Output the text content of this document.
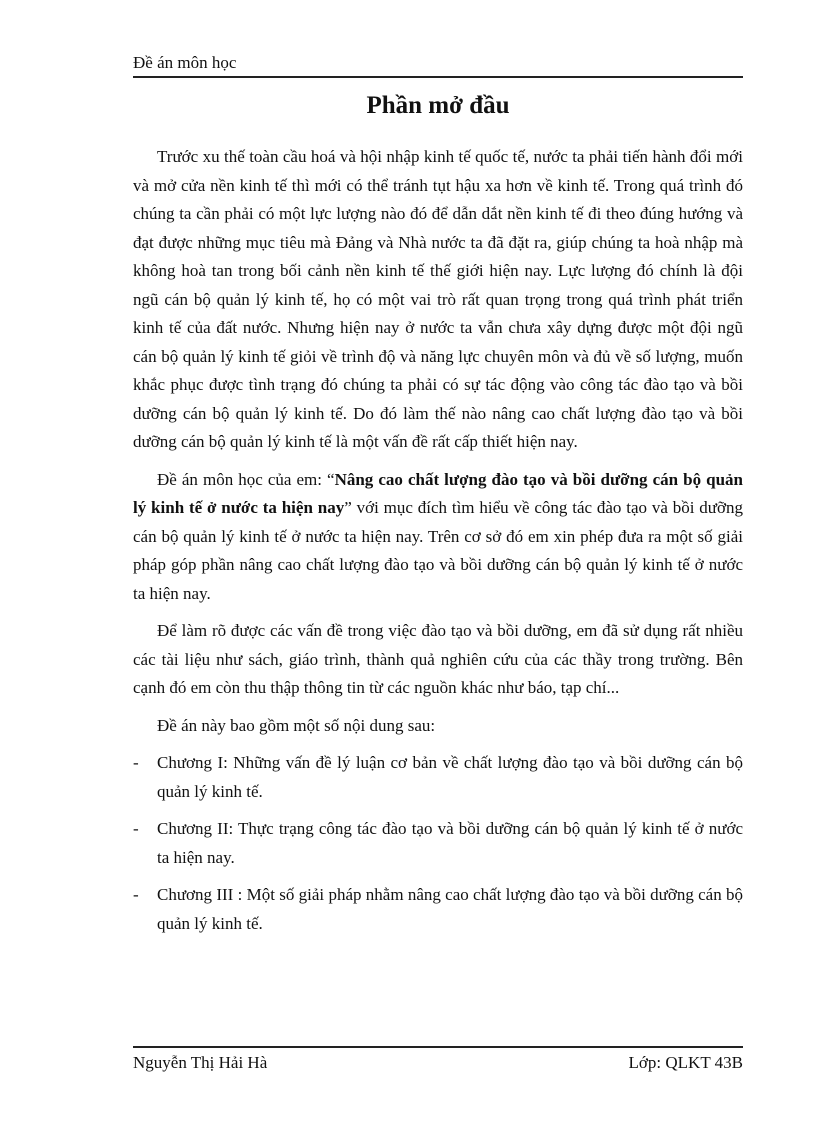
Đề án môn học
Phần mở đầu

Trước xu thế toàn cầu hoá và hội nhập kinh tế quốc tế, nước ta phải tiến hành đổi mới và mở cửa nền kinh tế thì mới có thể tránh tụt hậu xa hơn về kinh tế. Trong quá trình đó chúng ta cần phải có một lực lượng nào đó để dẫn dắt nền kinh tế đi theo đúng hướng và đạt được những mục tiêu mà Đảng và Nhà nước ta đã đặt ra, giúp chúng ta hoà nhập mà không hoà tan trong bối cảnh nền kinh tế thế giới hiện nay. Lực lượng đó chính là đội ngũ cán bộ quản lý kinh tế, họ có một vai trò rất quan trọng trong quá trình phát triển kinh tế của đất nước. Nhưng hiện nay ở nước ta vẫn chưa xây dựng được một đội ngũ cán bộ quản lý kinh tế giỏi về trình độ và năng lực chuyên môn và đủ về số lượng, muốn khắc phục được tình trạng đó chúng ta phải có sự tác động vào công tác đào tạo và bồi dưỡng cán bộ quản lý kinh tế. Do đó làm thế nào nâng cao chất lượng đào tạo và bồi dưỡng cán bộ quản lý kinh tế là một vấn đề rất cấp thiết hiện nay.

Đề án môn học của em: “Nâng cao chất lượng đào tạo và bồi dưỡng cán bộ quản lý kinh tế ở nước ta hiện nay” với mục đích tìm hiểu về công tác đào tạo và bồi dưỡng cán bộ quản lý kinh tế ở nước ta hiện nay. Trên cơ sở đó em xin phép đưa ra một số giải pháp góp phần nâng cao chất lượng đào tạo và bồi dưỡng cán bộ quản lý kinh tế ở nước ta hiện nay.

Để làm rõ được các vấn đề trong việc đào tạo và bồi dưỡng, em đã sử dụng rất nhiều các tài liệu như sách, giáo trình, thành quả nghiên cứu của các thầy trong trường. Bên cạnh đó em còn thu thập thông tin từ các nguồn khác như báo, tạp chí...

Đề án này bao gồm một số nội dung sau:

- Chương I: Những vấn đề lý luận cơ bản về chất lượng đào tạo và bồi dưỡng cán bộ quản lý kinh tế.
- Chương II: Thực trạng công tác đào tạo và bồi dưỡng cán bộ quản lý kinh tế ở nước ta hiện nay.
- Chương III : Một số giải pháp nhằm nâng cao chất lượng đào tạo và bồi dưỡng cán bộ quản lý kinh tế.
Nguyễn Thị Hải Hà	Lớp: QLKT 43B
